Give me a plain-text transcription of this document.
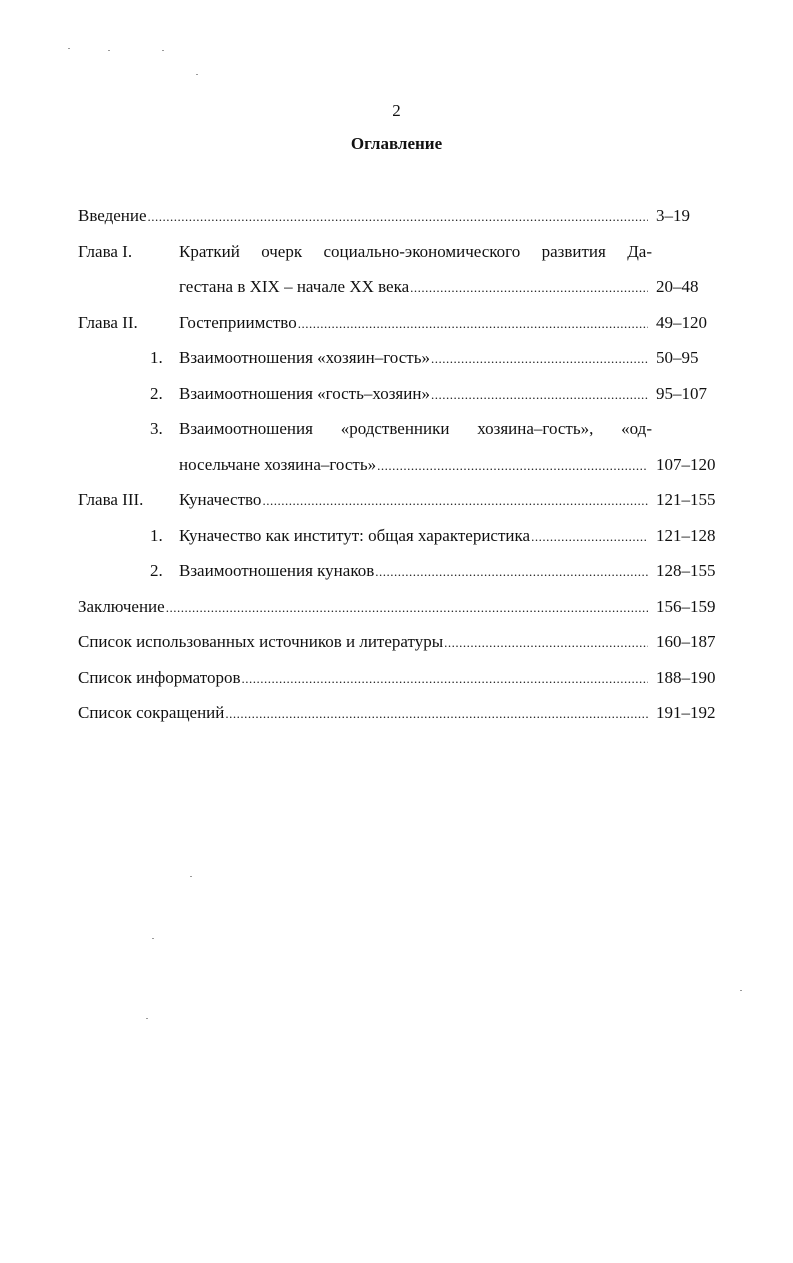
2
Оглавление
Введение .....	3–19
Глава I.	Краткий очерк социально-экономического развития Да-
гестана в XIX – начале XX века .....	20–48
Глава II. Гостеприимство .....	49–120
1. Взаимоотношения «хозяин–гость» .....	50–95
2. Взаимоотношения «гость–хозяин» .....	95–107
3. Взаимоотношения «родственники хозяина–гость», «од-
носельчане хозяина–гость» .....	107–120
Глава III. Куначество .....	121–155
1. Куначество как институт: общая характеристика .....	121–128
2. Взаимоотношения кунаков .....	128–155
Заключение .....	156–159
Список использованных источников и литературы .....	160–187
Список информаторов .....	188–190
Список сокращений .....	191–192
